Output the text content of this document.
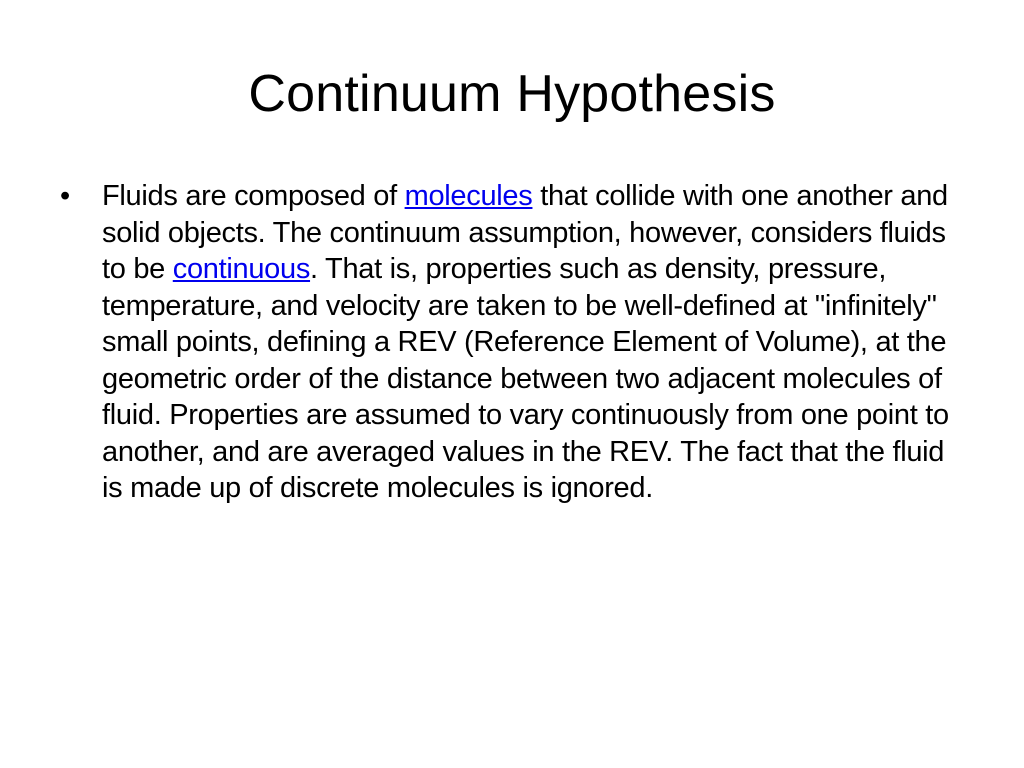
Continuum Hypothesis
•	Fluids are composed of molecules that collide with one another and solid objects. The continuum assumption, however, considers fluids to be continuous. That is, properties such as density, pressure, temperature, and velocity are taken to be well-defined at "infinitely" small points, defining a REV (Reference Element of Volume), at the geometric order of the distance between two adjacent molecules of fluid. Properties are assumed to vary continuously from one point to another, and are averaged values in the REV. The fact that the fluid is made up of discrete molecules is ignored.
